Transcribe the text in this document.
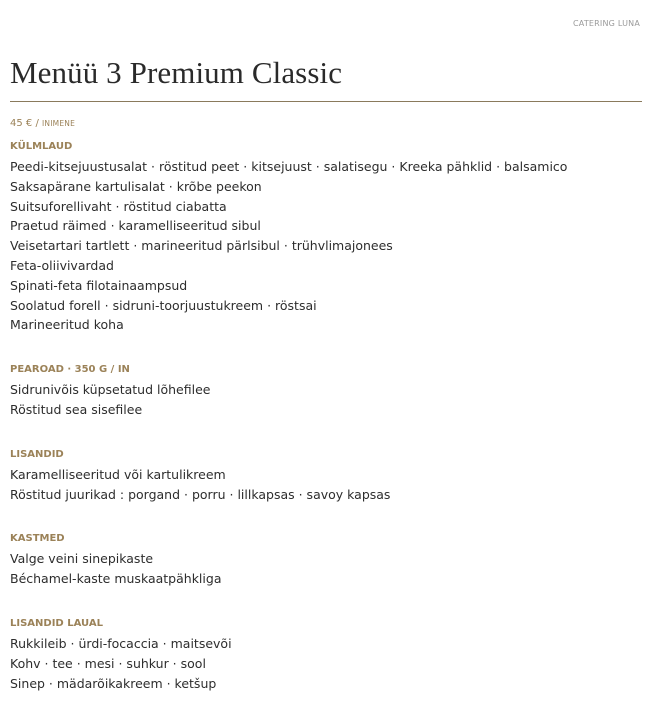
CATERING LUNA
Menüü 3 Premium Classic
45 € / INIMENE
KÜLMLAUD
Peedi-kitsejuustusalat · röstitud peet · kitsejuust · salatisegu · Kreeka pähklid · balsamico
Saksapärane kartulisalat · krõbe peekon
Suitsuforellivaht · röstitud ciabatta
Praetud räimed · karamelliseeritud sibul
Veisetartari tartlett · marineeritud pärlsibul · trühvlimajonees
Feta-oliivivardad
Spinati-feta filotainaampsud
Soolatud forell · sidruni-toorjuustukreem · röstsai
Marineeritud koha
PEAROAD · 350 G / IN
Sidrunivõis küpsetatud lõhefilee
Röstitud sea sisefilee
LISANDID
Karamelliseeritud või kartulikreem
Röstitud juurikad : porgand · porru · lillkapsas · savoy kapsas
KASTMED
Valge veini sinepikaste
Béchamel-kaste muskaatpähkliga
LISANDID LAUAL
Rukkileib · ürdi-focaccia · maitsevõi
Kohv · tee · mesi · suhkur · sool
Sinep · mädarõikakreem · ketšup
